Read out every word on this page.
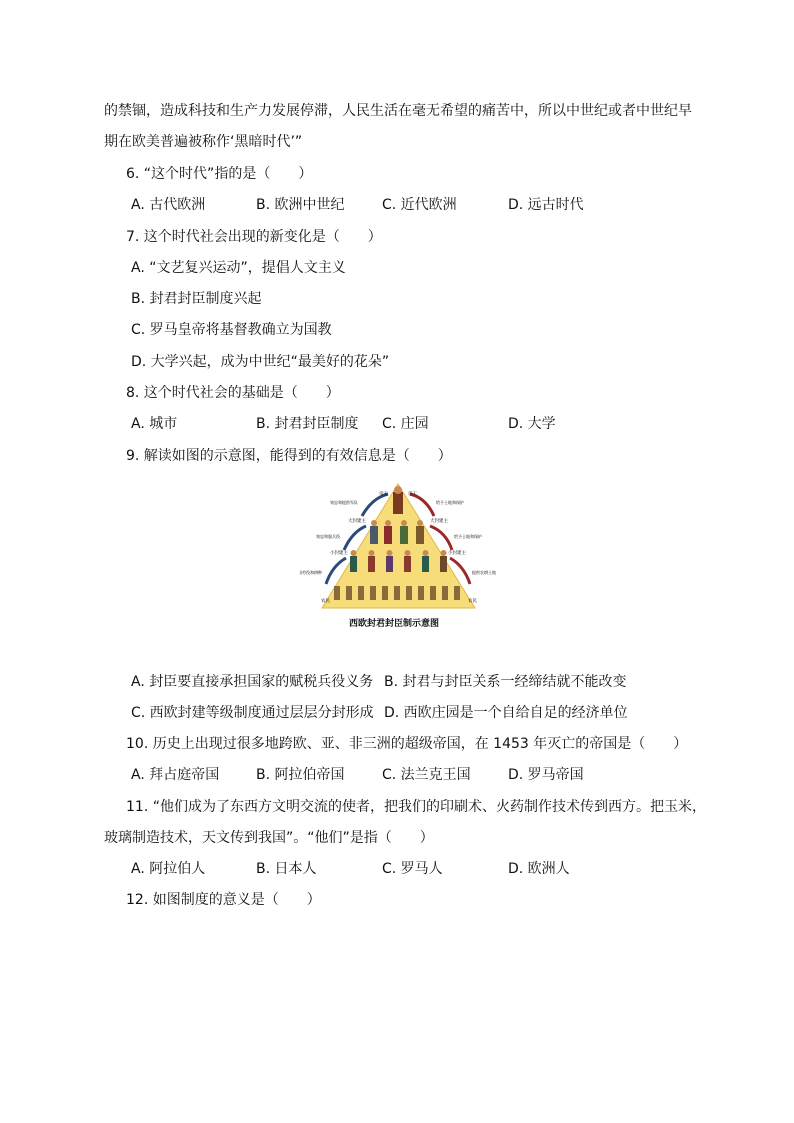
的禁锢，造成科技和生产力发展停滞，人民生活在毫无希望的痛苦中，所以中世纪或者中世纪早
期在欧美普遍被称作‘黑暗时代’”
6. “这个时代”指的是（　　）
A. 古代欧洲	B. 欧洲中世纪	C. 近代欧洲	D. 远古时代
7. 这个时代社会出现的新变化是（　　）
A. “文艺复兴运动”，提倡人文主义
B. 封君封臣制度兴起
C. 罗马皇帝将基督教确立为国教
D. 大学兴起，成为中世纪“最美好的花朵”
8. 这个时代社会的基础是（　　）
A. 城市	B. 封君封臣制度 C. 庄园	D. 大学
9. 解读如图的示意图，能得到的有效信息是（　　）
帝王
大封建主
小封建主
农民
帝王
大封建主
小封建主
农民
效忠和提供军队
效忠和服兵役
服劳役和耕种
给予土地和保护
给予土地和保护
提供农耕土地
西欧封君封臣制示意图
A. 封臣要直接承担国家的赋税兵役义务 B. 封君与封臣关系一经缔结就不能改变
C. 西欧封建等级制度通过层层分封形成 D. 西欧庄园是一个自给自足的经济单位
10. 历史上出现过很多地跨欧、亚、非三洲的超级帝国，在 1453 年灭亡的帝国是（　　）
A. 拜占庭帝国	B. 阿拉伯帝国	C. 法兰克王国	D. 罗马帝国
11. “他们成为了东西方文明交流的使者，把我们的印刷术、火药制作技术传到西方。把玉米，
玻璃制造技术，天文传到我国”。“他们”是指（　　）
A. 阿拉伯人	B. 日本人	C. 罗马人	D. 欧洲人
12. 如图制度的意义是（　　）
